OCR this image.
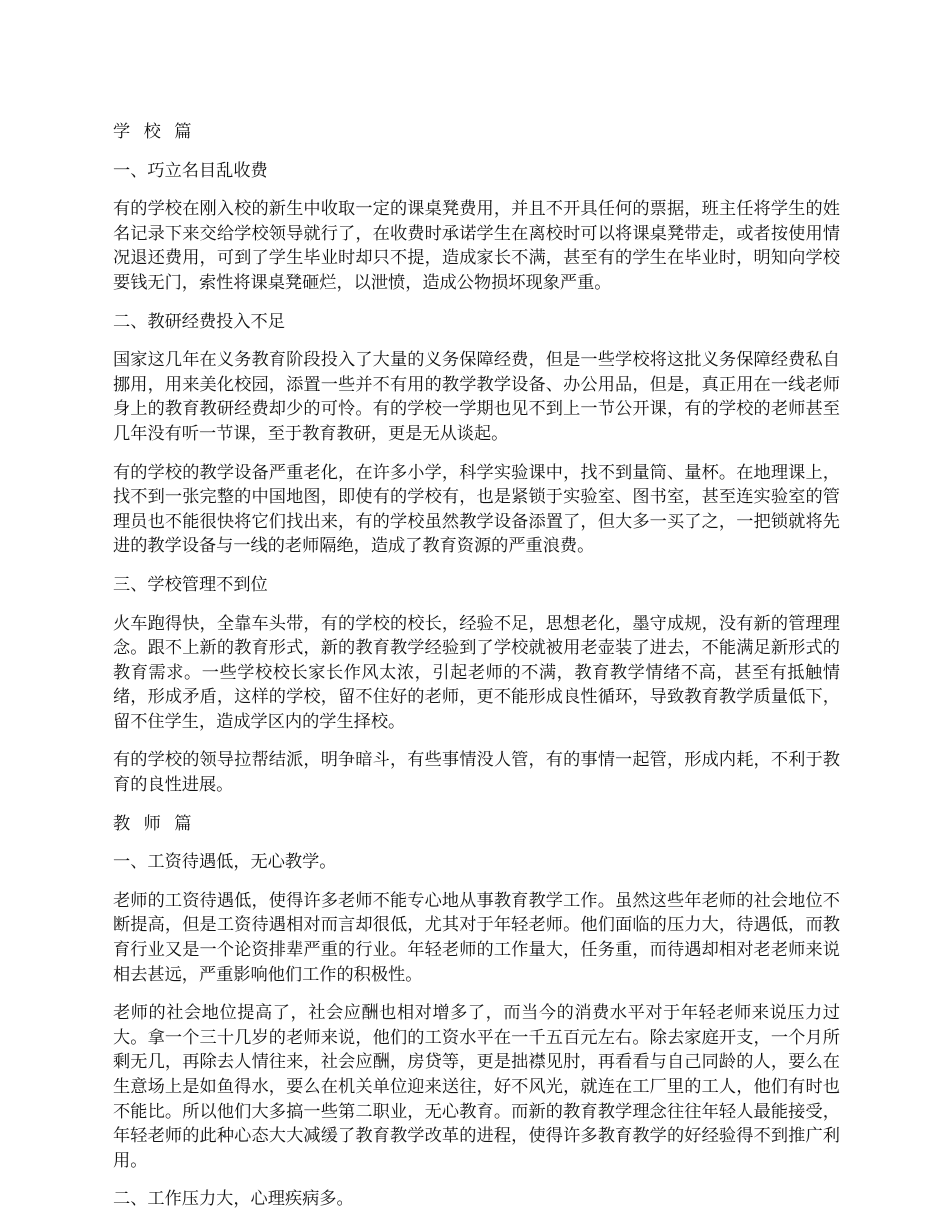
学 校 篇
一、巧立名目乱收费
有的学校在刚入校的新生中收取一定的课桌凳费用，并且不开具任何的票据，班主任将学生的姓名记录下来交给学校领导就行了，在收费时承诺学生在离校时可以将课桌凳带走，或者按使用情况退还费用，可到了学生毕业时却只不提，造成家长不满，甚至有的学生在毕业时，明知向学校要钱无门，索性将课桌凳砸烂，以泄愤，造成公物损坏现象严重。
二、教研经费投入不足
国家这几年在义务教育阶段投入了大量的义务保障经费，但是一些学校将这批义务保障经费私自挪用，用来美化校园，添置一些并不有用的教学教学设备、办公用品，但是，真正用在一线老师身上的教育教研经费却少的可怜。有的学校一学期也见不到上一节公开课，有的学校的老师甚至几年没有听一节课，至于教育教研，更是无从谈起。
有的学校的教学设备严重老化，在许多小学，科学实验课中，找不到量筒、量杯。在地理课上，找不到一张完整的中国地图，即使有的学校有，也是紧锁于实验室、图书室，甚至连实验室的管理员也不能很快将它们找出来，有的学校虽然教学设备添置了，但大多一买了之，一把锁就将先进的教学设备与一线的老师隔绝，造成了教育资源的严重浪费。
三、学校管理不到位
火车跑得快，全靠车头带，有的学校的校长，经验不足，思想老化，墨守成规，没有新的管理理念。跟不上新的教育形式，新的教育教学经验到了学校就被用老壶装了进去，不能满足新形式的教育需求。一些学校校长家长作风太浓，引起老师的不满，教育教学情绪不高，甚至有抵触情绪，形成矛盾，这样的学校，留不住好的老师，更不能形成良性循环，导致教育教学质量低下，留不住学生，造成学区内的学生择校。
有的学校的领导拉帮结派，明争暗斗，有些事情没人管，有的事情一起管，形成内耗，不利于教育的良性进展。
教 师 篇
一、工资待遇低，无心教学。
老师的工资待遇低，使得许多老师不能专心地从事教育教学工作。虽然这些年老师的社会地位不断提高，但是工资待遇相对而言却很低，尤其对于年轻老师。他们面临的压力大，待遇低，而教育行业又是一个论资排辈严重的行业。年轻老师的工作量大，任务重，而待遇却相对老老师来说相去甚远，严重影响他们工作的积极性。
老师的社会地位提高了，社会应酬也相对增多了，而当今的消费水平对于年轻老师来说压力过大。拿一个三十几岁的老师来说，他们的工资水平在一千五百元左右。除去家庭开支，一个月所剩无几，再除去人情往来，社会应酬，房贷等，更是拙襟见肘，再看看与自己同龄的人，要么在生意场上是如鱼得水，要么在机关单位迎来送往，好不风光，就连在工厂里的工人，他们有时也不能比。所以他们大多搞一些第二职业，无心教育。而新的教育教学理念往往年轻人最能接受，年轻老师的此种心态大大减缓了教育教学改革的进程，使得许多教育教学的好经验得不到推广利用。
二、工作压力大，心理疾病多。
